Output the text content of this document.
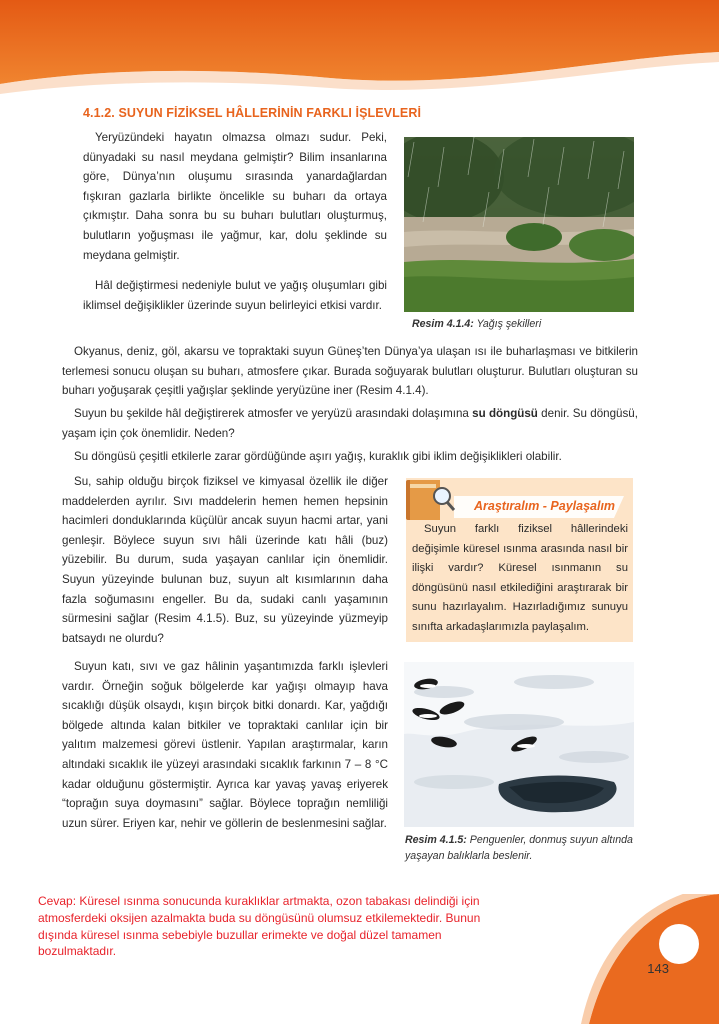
4.1.2. SUYUN FİZİKSEL HÂLLERİNİN FARKLI İŞLEVLERİ

Yeryüzündeki hayatın olmazsa olmazı sudur. Peki, dünyadaki su nasıl meydana gelmiştir? Bilim insanlarına göre, Dünya’nın oluşumu sırasında yanardağlardan fışkıran gazlarla birlikte öncelikle su buharı da ortaya çıkmıştır. Daha sonra bu su buharı bulutları oluşturmuş, bulutların yoğuşması ile yağmur, kar, dolu şeklinde su meydana gelmiştir.

Hâl değiştirmesi nedeniyle bulut ve yağış oluşumları gibi iklimsel değişiklikler üzerinde suyun belirleyici etkisi vardır.

Resim 4.1.4: Yağış şekilleri

Okyanus, deniz, göl, akarsu ve topraktaki suyun Güneş’ten Dünya’ya ulaşan ısı ile buharlaşması ve bitkilerin terlemesi sonucu oluşan su buharı, atmosfere çıkar. Burada soğuyarak bulutları oluşturur. Bulutları oluşturan su buharı yoğuşarak çeşitli yağışlar şeklinde yeryüzüne iner (Resim 4.1.4).

Suyun bu şekilde hâl değiştirerek atmosfer ve yeryüzü arasındaki dolaşımına su döngüsü denir. Su döngüsü, yaşam için çok önemlidir. Neden?

Su döngüsü çeşitli etkilerle zarar gördüğünde aşırı yağış, kuraklık gibi iklim değişiklikleri olabilir.

Su, sahip olduğu birçok fiziksel ve kimyasal özellik ile diğer maddelerden ayrılır. Sıvı maddelerin hemen hemen hepsinin hacimleri donduklarında küçülür ancak suyun hacmi artar, yani genleşir. Böylece suyun sıvı hâli üzerinde katı hâli (buz) yüzebilir. Bu durum, suda yaşayan canlılar için önemlidir. Suyun yüzeyinde bulunan buz, suyun alt kısımlarının daha fazla soğumasını engeller. Bu da, sudaki canlı yaşamının sürmesini sağlar (Resim 4.1.5). Buz, su yüzeyinde yüzmeyip batsaydı ne olurdu?

Araştıralım - Paylaşalım

Suyun farklı fiziksel hâllerindeki değişimle küresel ısınma arasında nasıl bir ilişki vardır? Küresel ısınmanın su döngüsünü nasıl etkilediğini araştırarak bir sunu hazırlayalım. Hazırladığımız sunuyu sınıfta arkadaşlarımızla paylaşalım.

Suyun katı, sıvı ve gaz hâlinin yaşantımızda farklı işlevleri vardır. Örneğin soğuk bölgelerde kar yağışı olmayıp hava sıcaklığı düşük olsaydı, kışın birçok bitki donardı. Kar, yağdığı bölgede altında kalan bitkiler ve topraktaki canlılar için bir yalıtım malzemesi görevi üstlenir. Yapılan araştırmalar, karın altındaki sıcaklık ile yüzeyi arasındaki sıcaklık farkının 7 – 8 °C kadar olduğunu göstermiştir. Ayrıca kar yavaş yavaş eriyerek “toprağın suya doymasını” sağlar. Böylece toprağın nemliliği uzun sürer. Eriyen kar, nehir ve göllerin de beslenmesini sağlar.

Resim 4.1.5: Penguenler, donmuş suyun altında yaşayan balıklarla beslenir.

Cevap: Küresel ısınma sonucunda kuraklıklar artmakta, ozon tabakası delindiği için atmosferdeki oksijen azalmakta buda su döngüsünü olumsuz etkilemektedir. Bunun dışında küresel ısınma sebebiyle buzullar erimekte ve doğal düzel tamamen bozulmaktadır.

143
